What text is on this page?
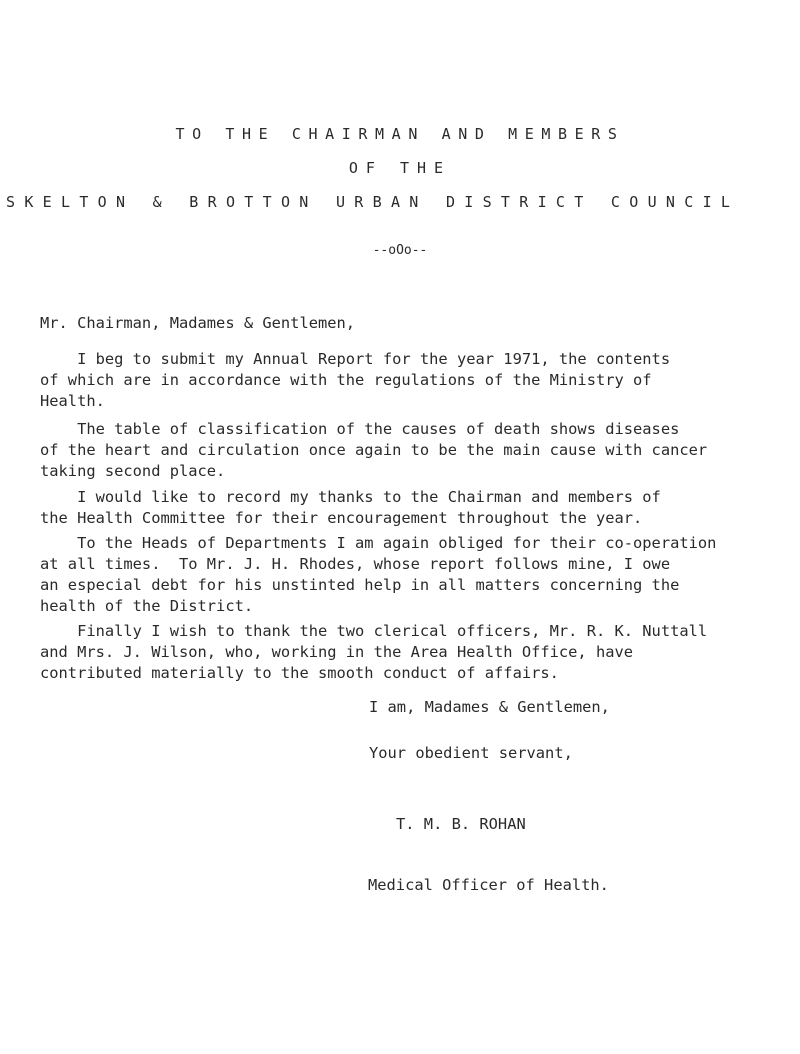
TO THE CHAIRMAN AND MEMBERS
OF THE
SKELTON & BROTTON URBAN DISTRICT COUNCIL
--oOo--
Mr. Chairman, Madames & Gentlemen,
I beg to submit my Annual Report for the year 1971, the contents
of which are in accordance with the regulations of the Ministry of
Health.
The table of classification of the causes of death shows diseases
of the heart and circulation once again to be the main cause with cancer
taking second place.
I would like to record my thanks to the Chairman and members of
the Health Committee for their encouragement throughout the year.
To the Heads of Departments I am again obliged for their co-operation
at all times.  To Mr. J. H. Rhodes, whose report follows mine, I owe
an especial debt for his unstinted help in all matters concerning the
health of the District.
Finally I wish to thank the two clerical officers, Mr. R. K. Nuttall
and Mrs. J. Wilson, who, working in the Area Health Office, have
contributed materially to the smooth conduct of affairs.
I am, Madames & Gentlemen,
Your obedient servant,
T. M. B. ROHAN
Medical Officer of Health.
